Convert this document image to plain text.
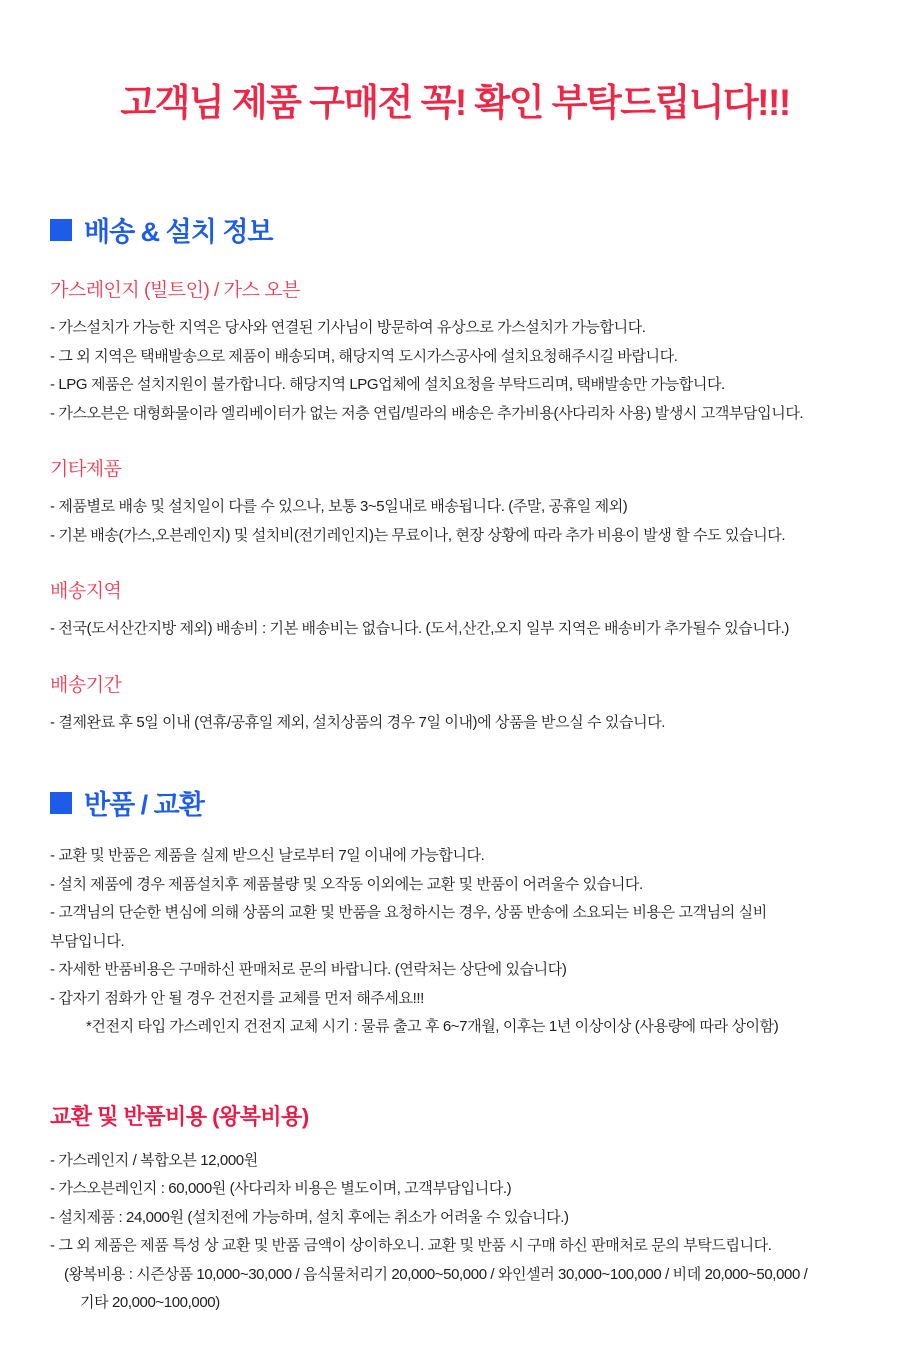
고객님 제품 구매전 꼭! 확인 부탁드립니다!!!
배송 & 설치 정보
가스레인지 (빌트인) / 가스 오븐

- 가스설치가 가능한 지역은 당사와 연결된 기사님이 방문하여 유상으로 가스설치가 가능합니다.

- 그 외 지역은 택배발송으로 제품이 배송되며, 해당지역 도시가스공사에 설치요청해주시길 바랍니다.

- LPG 제품은 설치지원이 불가합니다. 해당지역 LPG업체에 설치요청을 부탁드리며, 택배발송만 가능합니다.

- 가스오븐은 대형화물이라 엘리베이터가 없는 저층 연립/빌라의 배송은 추가비용(사다리차 사용) 발생시 고객부담입니다.

기타제품

- 제품별로 배송 및 설치일이 다를 수 있으나, 보통 3~5일내로 배송됩니다. (주말, 공휴일 제외)

- 기본 배송(가스,오븐레인지) 및 설치비(전기레인지)는 무료이나, 현장 상황에 따라 추가 비용이 발생 할 수도 있습니다.

배송지역

- 전국(도서산간지방 제외) 배송비 : 기본 배송비는 없습니다. (도서,산간,오지 일부 지역은 배송비가 추가될수 있습니다.)

배송기간

- 결제완료 후 5일 이내 (연휴/공휴일 제외, 설치상품의 경우 7일 이내)에 상품을 받으실 수 있습니다.

반품 / 교환

- 교환 및 반품은 제품을 실제 받으신 날로부터 7일 이내에 가능합니다.

- 설치 제품에 경우 제품설치후 제품불량 및 오작동 이외에는 교환 및 반품이 어려울수 있습니다.

- 고객님의 단순한 변심에 의해 상품의 교환 및 반품을 요청하시는 경우, 상품 반송에 소요되는 비용은 고객님의 실비

부담입니다.

- 자세한 반품비용은 구매하신 판매처로 문의 바랍니다. (연락처는 상단에 있습니다)

- 갑자기 점화가 안 될 경우 건전지를 교체를 먼저 해주세요!!!

*건전지 타입 가스레인지 건전지 교체 시기 : 물류 출고 후 6~7개월, 이후는 1년 이상이상 (사용량에 따라 상이함)

교환 및 반품비용 (왕복비용)

- 가스레인지 / 복합오븐 12,000원

- 가스오븐레인지 : 60,000원 (사다리차 비용은 별도이며, 고객부담입니다.)

- 설치제품 : 24,000원 (설치전에 가능하며, 설치 후에는 취소가 어려울 수 있습니다.)

- 그 외 제품은 제품 특성 상 교환 및 반품 금액이 상이하오니. 교환 및 반품 시 구매 하신 판매처로 문의 부탁드립니다.

(왕복비용 : 시즌상품 10,000~30,000 / 음식물처리기 20,000~50,000 / 와인셀러 30,000~100,000 / 비데 20,000~50,000 /

기타 20,000~100,000)
